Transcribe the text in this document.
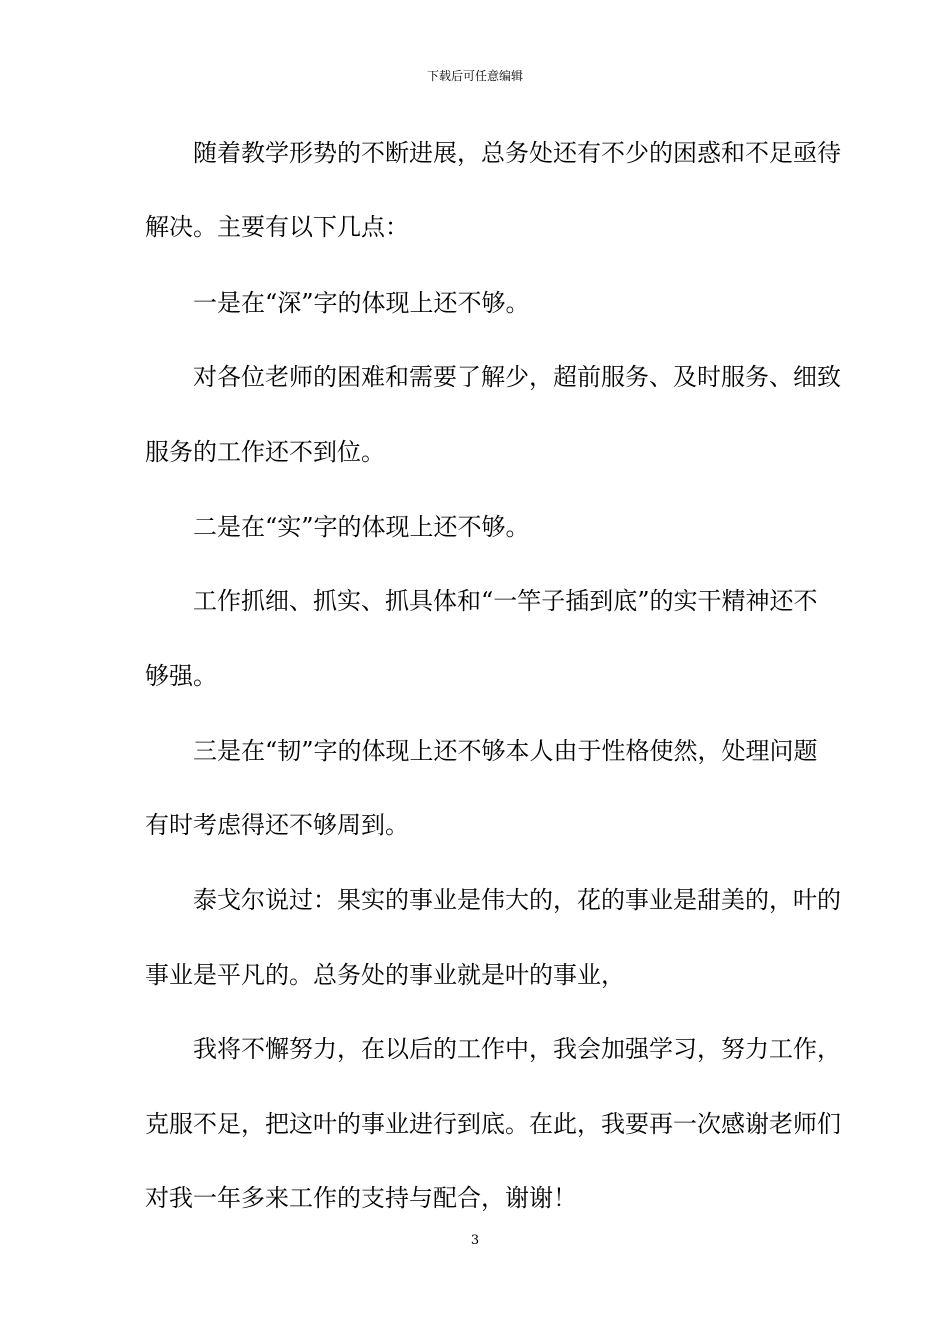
下载后可任意编辑
随着教学形势的不断进展，总务处还有不少的困惑和不足亟待
解决。主要有以下几点：
一是在“深”字的体现上还不够。
对各位老师的困难和需要了解少，超前服务、及时服务、细致
服务的工作还不到位。
二是在“实”字的体现上还不够。
工作抓细、抓实、抓具体和“一竿子插到底”的实干精神还不
够强。
三是在“韧”字的体现上还不够本人由于性格使然，处理问题
有时考虑得还不够周到。
泰戈尔说过：果实的事业是伟大的，花的事业是甜美的，叶的
事业是平凡的。总务处的事业就是叶的事业，
我将不懈努力，在以后的工作中，我会加强学习，努力工作，
克服不足，把这叶的事业进行到底。在此，我要再一次感谢老师们
对我一年多来工作的支持与配合，谢谢！
3
